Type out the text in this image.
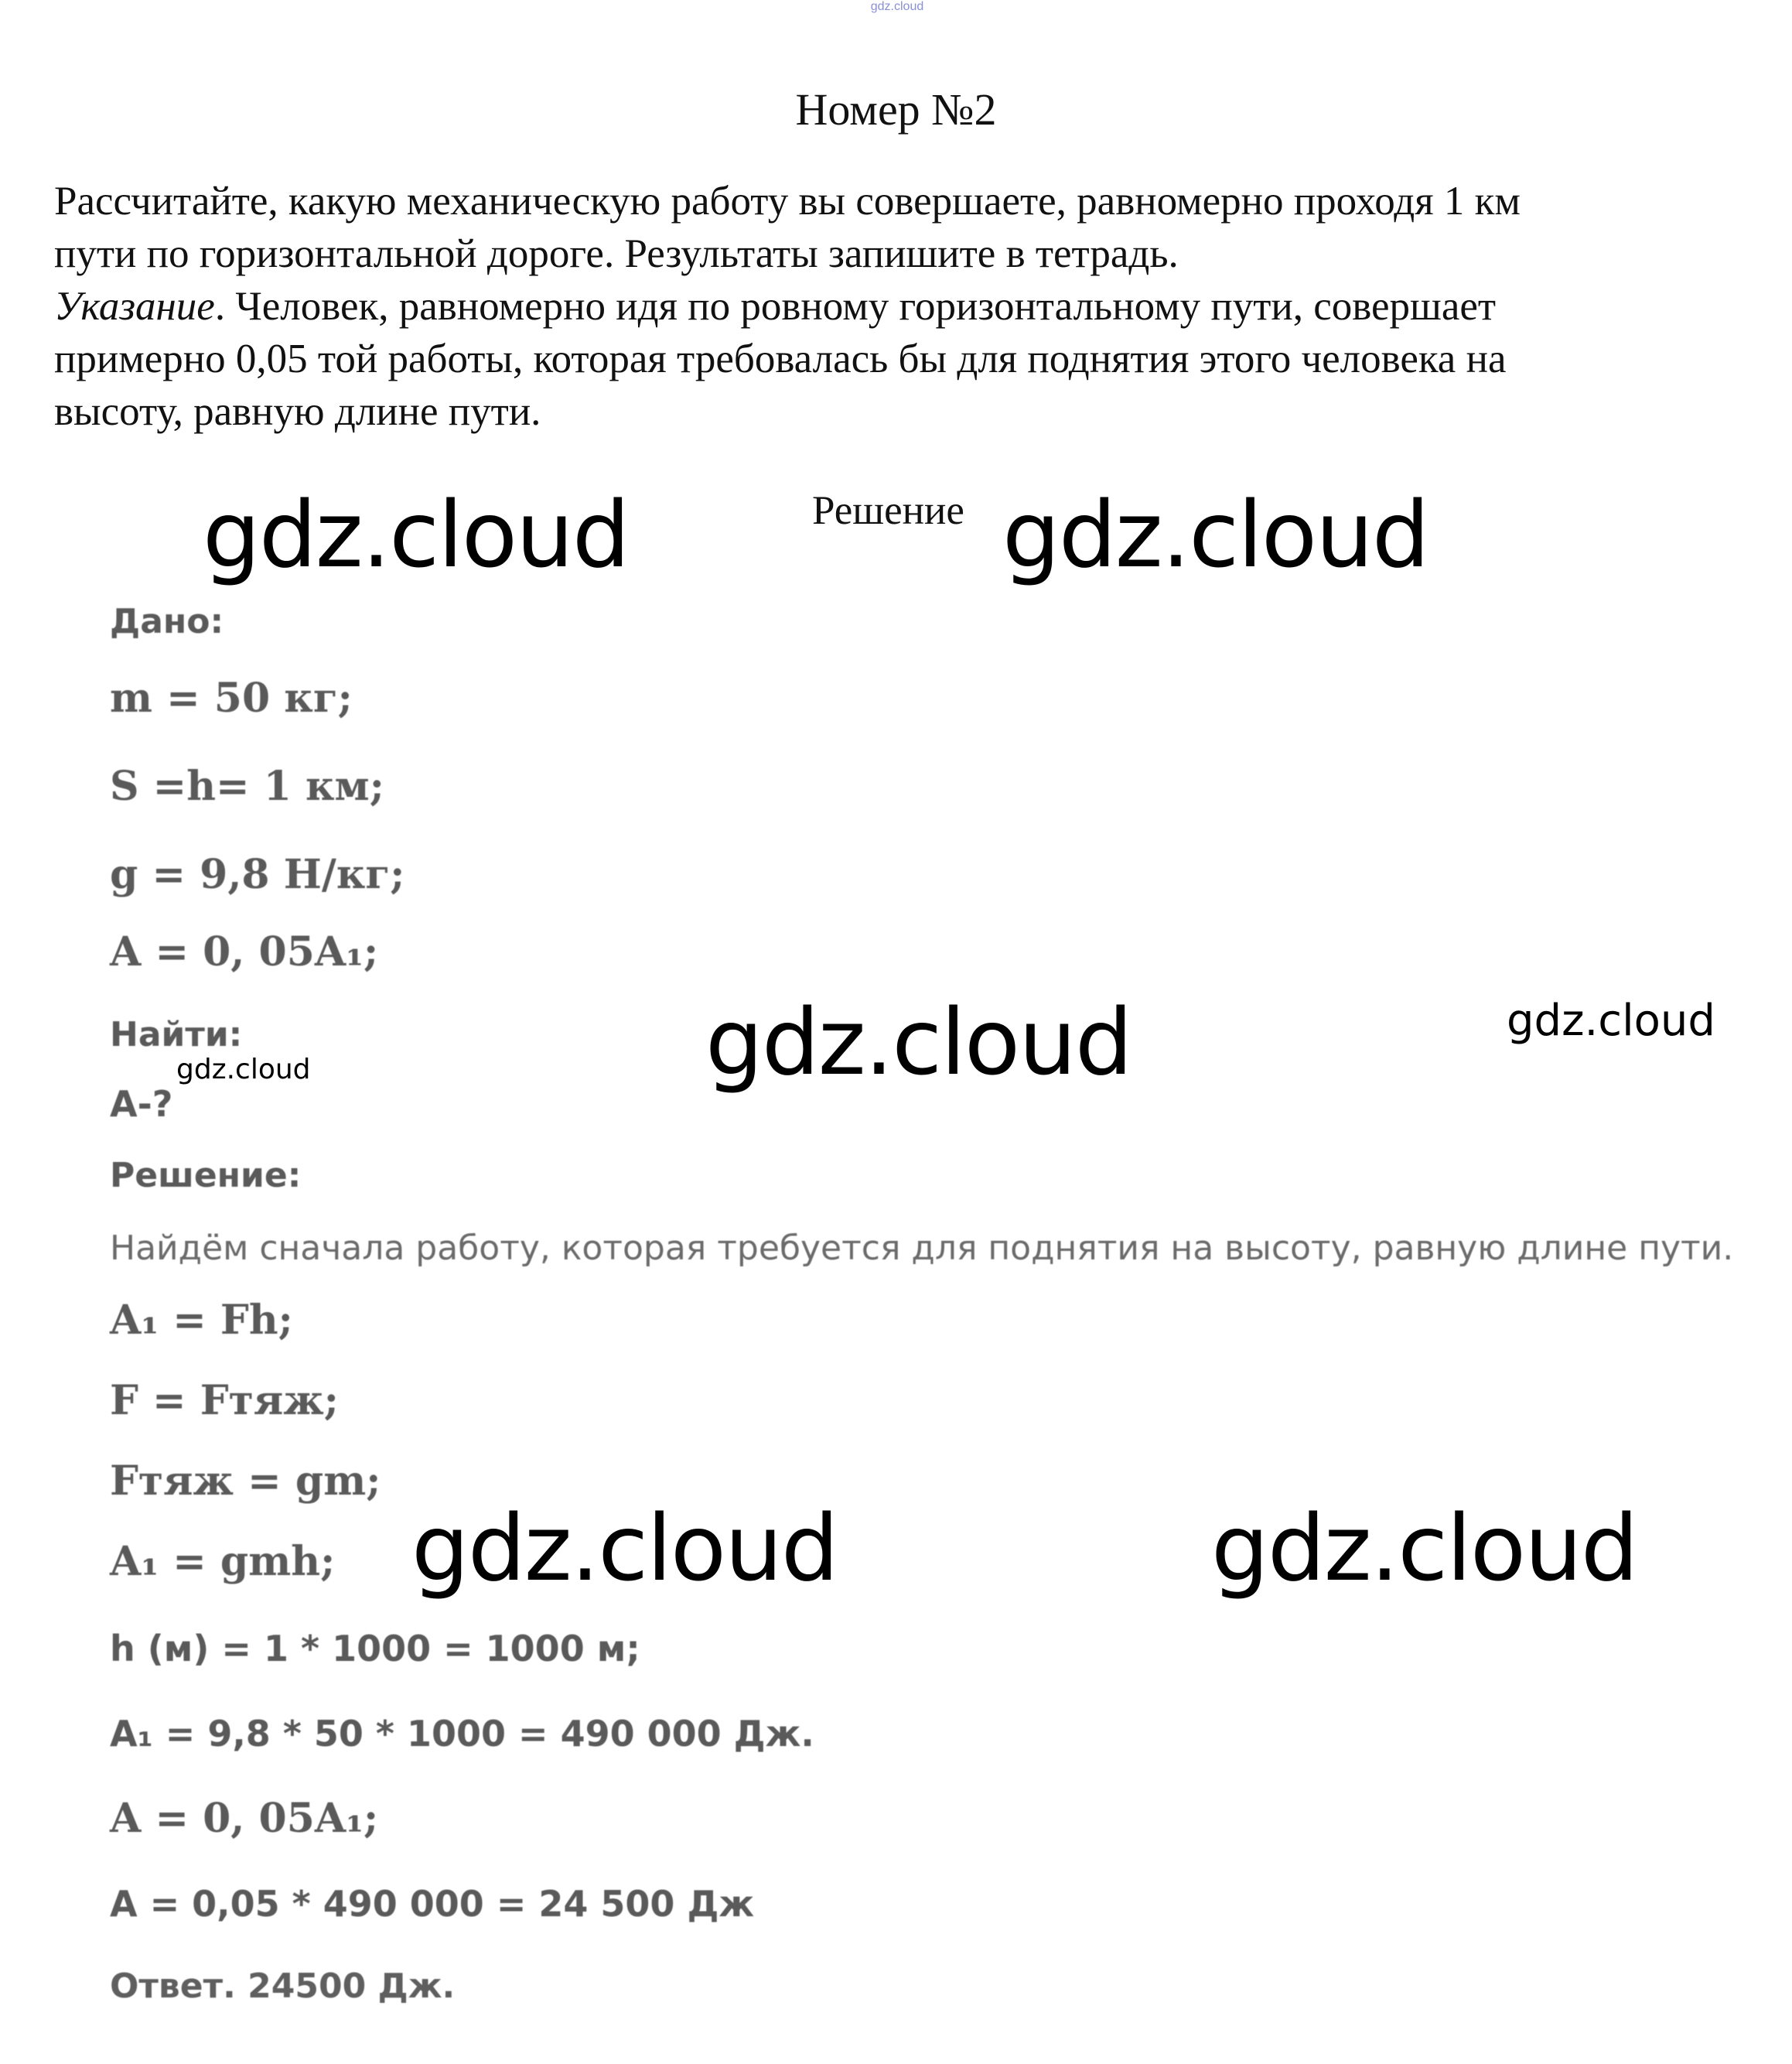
gdz.cloud
Номер №2

Рассчитайте, какую механическую работу вы совершаете, равномерно проходя 1 км

пути по горизонтальной дороге. Результаты запишите в тетрадь.

Указание. Человек, равномерно идя по ровному горизонтальному пути, совершает

примерно 0,05 той работы, которая требовалась бы для поднятия этого человека на

высоту, равную длине пути.

Решение
gdz.cloud	gdz.cloud
gdz.cloud	gdz.cloud
gdz.cloud
gdz.cloud	gdz.cloud
Дано:
m = 50 кг;
S =h= 1 км;
g = 9,8 Н/кг;
A = 0, 05A₁;
Найти:
А-?
Решение:
Найдём сначала работу, которая требуется для поднятия на высоту, равную длине пути.
A₁ = Fh;
F = Fтяж;
Fтяж = gm;
A₁ = gmh;
h (м) = 1 * 1000 = 1000 м;
A₁ = 9,8 * 50 * 1000 = 490 000 Дж.
A = 0, 05A₁;
А = 0,05 * 490 000 = 24 500 Дж
Ответ. 24500 Дж.
